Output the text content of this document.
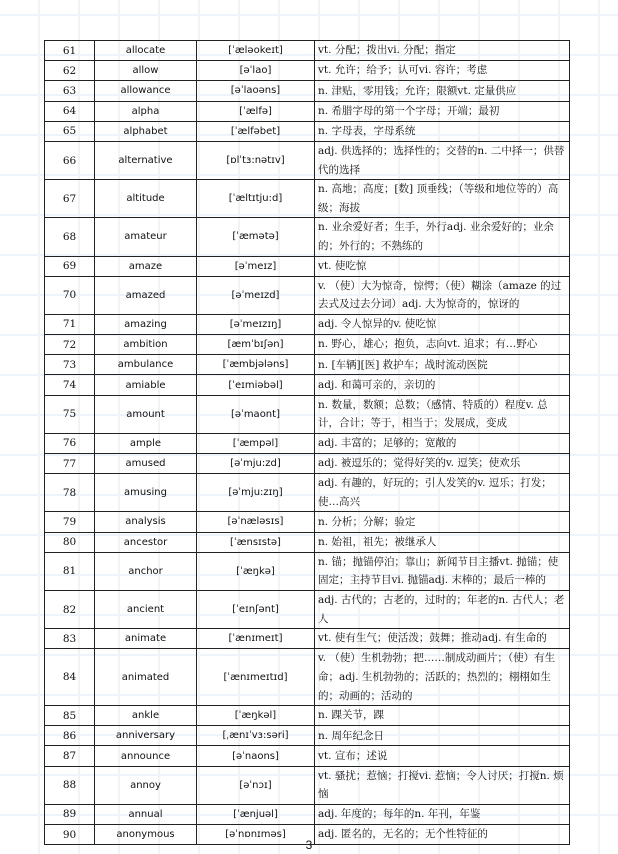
61	allocate	[ˈæləokeɪt]	vt. 分配；拨出vi. 分配；指定
62	allow	[əˈlao]	vt. 允许；给予；认可vi. 容许；考虑
63	allowance	[əˈlaoəns]	n. 津贴，零用钱；允许；限额vt. 定量供应
64	alpha	[ˈælfə]	n. 希腊字母的第一个字母；开端；最初
65	alphabet	[ˈælfəbet]	n. 字母表，字母系统
66	alternative	[ɒlˈtɜ:nətɪv]	adj. 供选择的；选择性的；交替的n. 二中择一；供替代的选择
67	altitude	[ˈæltɪtju:d]	n. 高地；高度；[数] 顶垂线；（等级和地位等的）高级；海拔
68	amateur	[ˈæmətə]	n. 业余爱好者；生手，外行adj. 业余爱好的；业余的；外行的；不熟练的
69	amaze	[əˈmeɪz]	vt. 使吃惊
70	amazed	[əˈmeɪzd]	v. （使）大为惊奇，惊愕；（使）糊涂（amaze 的过去式及过去分词）adj. 大为惊奇的，惊讶的
71	amazing	[əˈmeɪzɪŋ]	adj. 令人惊异的v. 使吃惊
72	ambition	[æmˈbɪʃən]	n. 野心，雄心；抱负，志向vt. 追求；有…野心
73	ambulance	[ˈæmbjələns]	n. [车辆][医] 救护车；战时流动医院
74	amiable	[ˈeɪmiəbəl]	adj. 和蔼可亲的，亲切的
75	amount	[əˈmaont]	n. 数量，数额；总数；（感情、特质的）程度v. 总计，合计；等于，相当于；发展成，变成
76	ample	[ˈæmpəl]	adj. 丰富的；足够的；宽敞的
77	amused	[əˈmju:zd]	adj. 被逗乐的；觉得好笑的v. 逗笑；使欢乐
78	amusing	[əˈmju:zɪŋ]	adj. 有趣的，好玩的；引人发笑的v. 逗乐；打发；使…高兴
79	analysis	[əˈnæləsɪs]	n. 分析；分解；验定
80	ancestor	[ˈænsɪstə]	n. 始祖，祖先；被继承人
81	anchor	[ˈæŋkə]	n. 锚；抛锚停泊；靠山；新闻节目主播vt. 抛锚；使固定；主持节目vi. 抛锚adj. 末棒的；最后一棒的
82	ancient	[ˈeɪnʃənt]	adj. 古代的；古老的，过时的；年老的n. 古代人；老人
83	animate	[ˈænɪmeɪt]	vt. 使有生气；使活泼；鼓舞；推动adj. 有生命的
84	animated	[ˈænɪmeɪtɪd]	v. （使）生机勃勃；把……制成动画片；（使）有生命；adj. 生机勃勃的；活跃的；热烈的；栩栩如生的；动画的；活动的
85	ankle	[ˈæŋkəl]	n. 踝关节，踝
86	anniversary	[ˌænɪˈvɜ:səri]	n. 周年纪念日
87	announce	[əˈnaons]	vt. 宣布；述说
88	annoy	[əˈnɔɪ]	vt. 骚扰；惹恼；打搅vi. 惹恼；令人讨厌；打搅n. 烦恼
89	annual	[ˈænjuəl]	adj. 年度的；每年的n. 年刊，年鉴
90	anonymous	[əˈnɒnɪməs]	adj. 匿名的，无名的；无个性特征的
3
